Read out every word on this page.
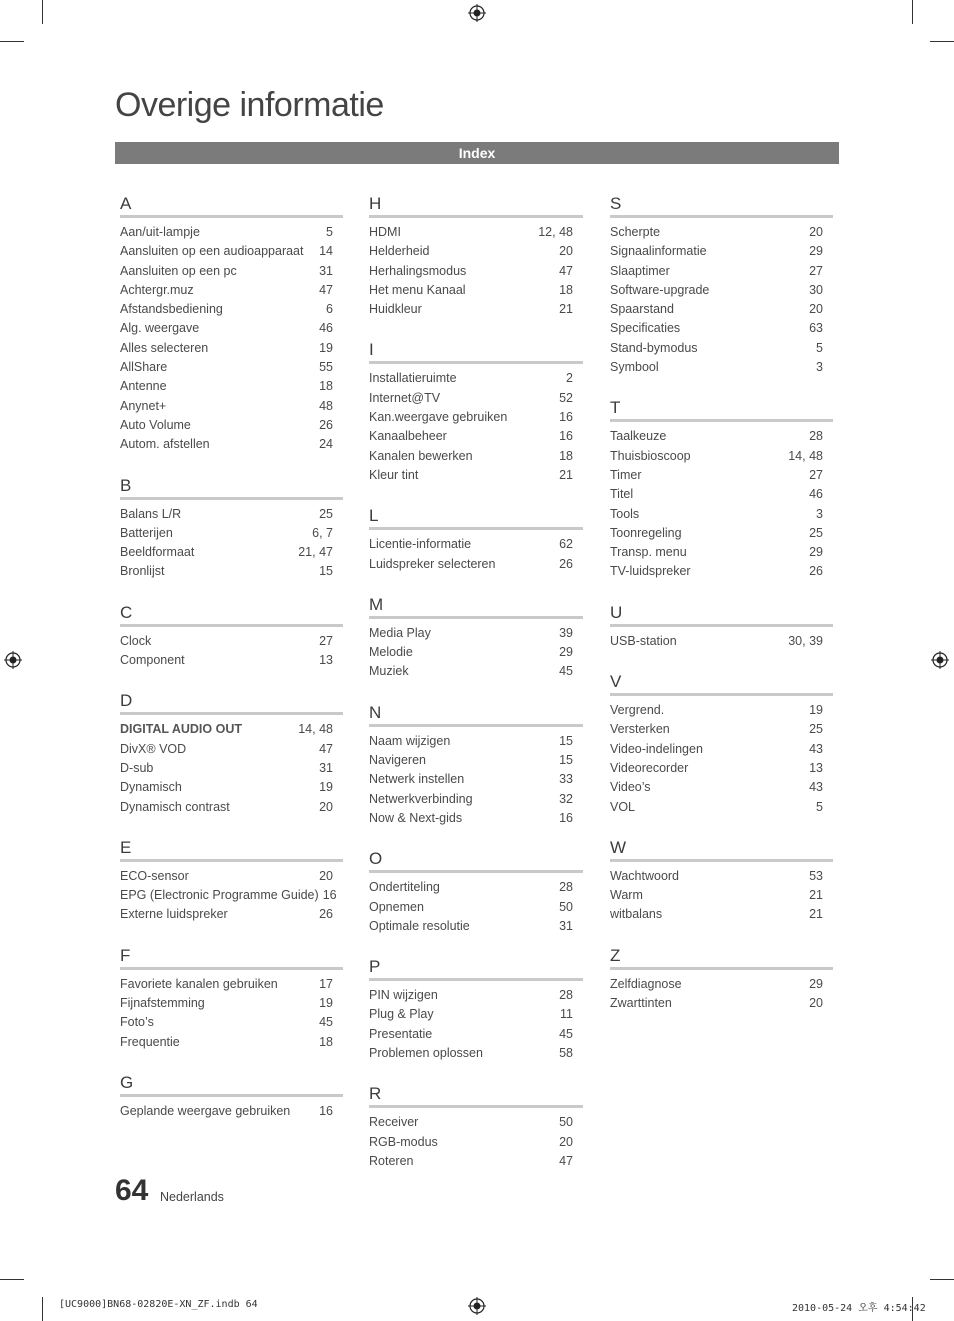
Overige informatie
Index
A
Aan/uit-lampje	5
Aansluiten op een audioapparaat	14
Aansluiten op een pc	31
Achtergr.muz	47
Afstandsbediening	6
Alg. weergave	46
Alles selecteren	19
AllShare	55
Antenne	18
Anynet+	48
Auto Volume	26
Autom. afstellen	24
B
Balans L/R	25
Batterijen	6, 7
Beeldformaat	21, 47
Bronlijst	15
C
Clock	27
Component	13
D
DIGITAL AUDIO OUT	14, 48
DivX® VOD	47
D-sub	31
Dynamisch	19
Dynamisch contrast	20
E
ECO-sensor	20
EPG (Electronic Programme Guide) 16
Externe luidspreker	26
F
Favoriete kanalen gebruiken	17
Fijnafstemming	19
Foto’s	45
Frequentie	18
G
Geplande weergave gebruiken	16
H
HDMI	12, 48
Helderheid	20
Herhalingsmodus	47
Het menu Kanaal	18
Huidkleur	21
I
Installatieruimte	2
Internet@TV	52
Kan.weergave gebruiken	16
Kanaalbeheer	16
Kanalen bewerken	18
Kleur tint	21
L
Licentie-informatie	62
Luidspreker selecteren	26
M
Media Play	39
Melodie	29
Muziek	45
N
Naam wijzigen	15
Navigeren	15
Netwerk instellen	33
Netwerkverbinding	32
Now & Next-gids	16
O
Ondertiteling	28
Opnemen	50
Optimale resolutie	31
P
PIN wijzigen	28
Plug & Play	11
Presentatie	45
Problemen oplossen	58
R
Receiver	50
RGB-modus	20
Roteren	47
S
Scherpte	20
Signaalinformatie	29
Slaaptimer	27
Software-upgrade	30
Spaarstand	20
Specificaties	63
Stand-bymodus	5
Symbool	3
T
Taalkeuze	28
Thuisbioscoop	14, 48
Timer	27
Titel	46
Tools	3
Toonregeling	25
Transp. menu	29
TV-luidspreker	26
U
USB-station	30, 39
V
Vergrend.	19
Versterken	25
Video-indelingen	43
Videorecorder	13
Video’s	43
VOL	5
W
Wachtwoord	53
Warm	21
witbalans	21
Z
Zelfdiagnose	29
Zwarttinten	20
64 Nederlands
[UC9000]BN68-02820E-XN_ZF.indb 64	2010-05-24 오후 4:54:42
